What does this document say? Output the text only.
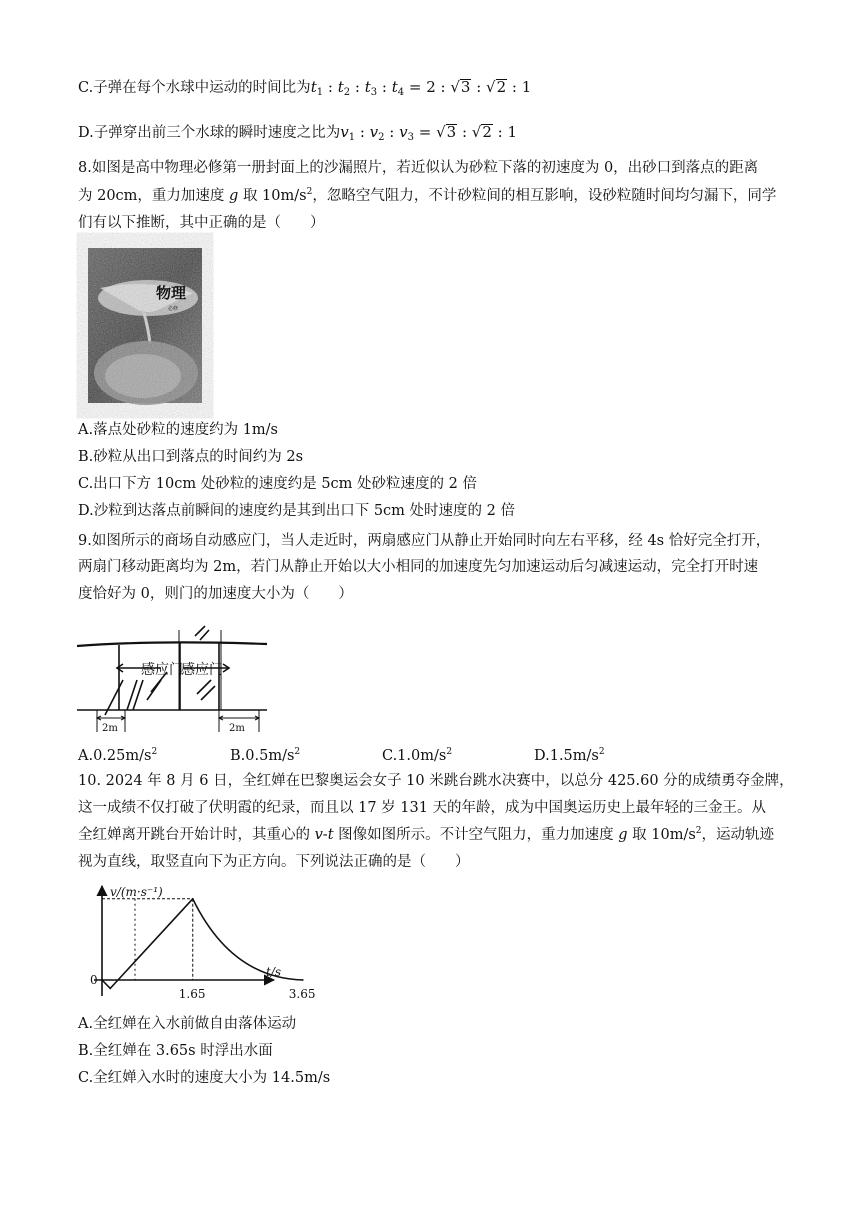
C.子弹在每个水球中运动的时间比为$t_1$ : $t_2$ : $t_3$ : $t_4 = 2$ : √3 : √2 : 1
D.子弹穿出前三个水球的瞬时速度之比为$v_1$ : $v_2$ : $v_3 = √3$ : √2 : 1
8.如图是高中物理必修第一册封面上的沙漏照片，若近似认为砂粒下落的初速度为 0，出砂口到落点的距离
为 20cm，重力加速度 g 取 $10m/s^2$，忽略空气阻力，不计砂粒间的相互影响，设砂粒随时间均匀漏下，同学
们有以下推断，其中正确的是（　　）
物理
必修
A.落点处砂粒的速度约为 1m/s
B.砂粒从出口到落点的时间约为 2s
C.出口下方 10cm 处砂粒的速度约是 5cm 处砂粒速度的 2 倍
D.沙粒到达落点前瞬间的速度约是其到出口下 5cm 处时速度的 2 倍
9.如图所示的商场自动感应门，当人走近时，两扇感应门从静止开始同时向左右平移，经 4s 恰好完全打开，
两扇门移动距离均为 2m，若门从静止开始以大小相同的加速度先匀加速运动后匀减速运动，完全打开时速
度恰好为 0，则门的加速度大小为（　　）
感应门
感应门
2m	2m
$A.0.25m/s^2$	$B.0.5m/s^2$	$C.1.0m/s^2$	$D.1.5m/s^2$
10. 2024 年 8 月 6 日，全红婵在巴黎奥运会女子 10 米跳台跳水决赛中，以总分 425.60 分的成绩勇夺金牌，
这一成绩不仅打破了伏明霞的纪录，而且以 17 岁 131 天的年龄，成为中国奥运历史上最年轻的三金王。从
全红婵离开跳台开始计时，其重心的 v-t 图像如图所示。不计空气阻力，重力加速度 g 取 $10m/s^2$，运动轨迹
视为直线，取竖直向下为正方向。下列说法正确的是（　　）
v/(m·s⁻¹)
t/s
0
1.65	3.65
A.全红婵在入水前做自由落体运动
B.全红婵在 3.65s 时浮出水面
C.全红婵入水时的速度大小为 14.5m/s
